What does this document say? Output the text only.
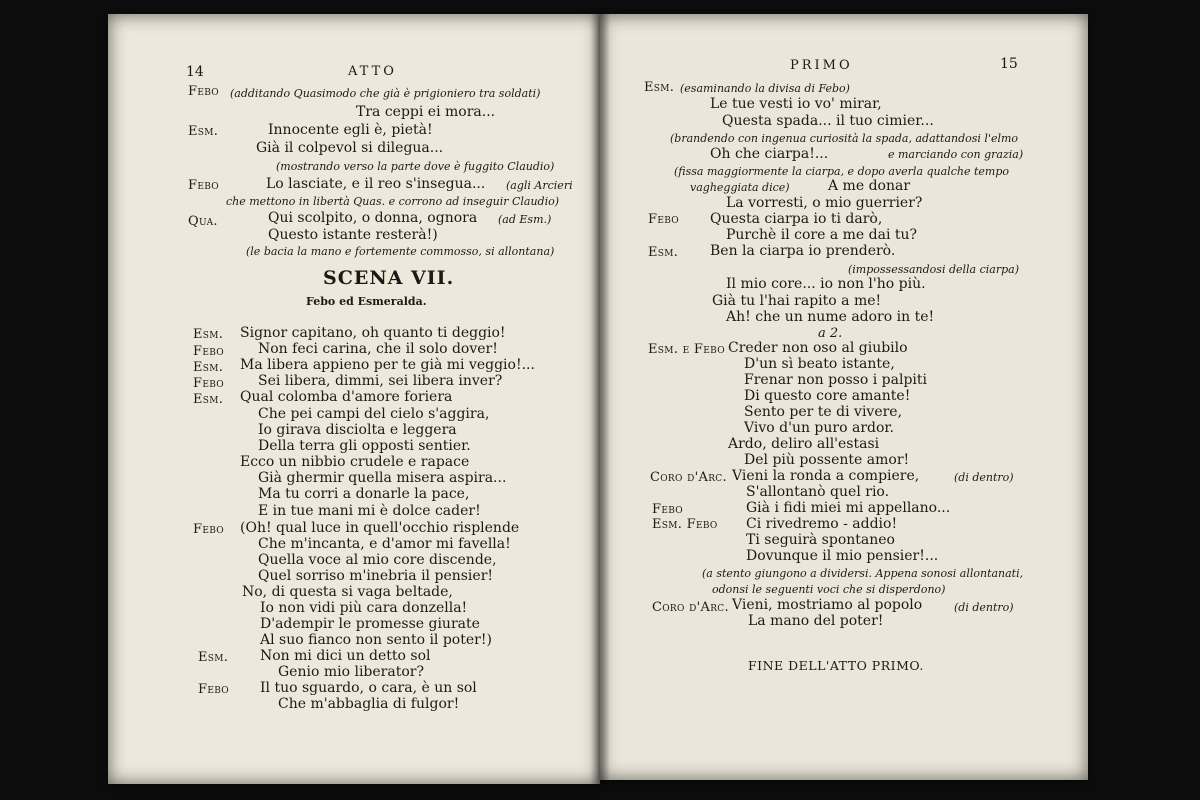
14	ATTO
Febo (additando Quasimodo che già è prigioniero tra soldati)
Tra ceppi ei mora...
Esm.	Innocente egli è, pietà!
Già il colpevol si dilegua...
(mostrando verso la parte dove è fuggito Claudio)
Febo	Lo lasciate, e il reo s'insegua... (agli Arcieri
che mettono in libertà Quas. e corrono ad inseguir Claudio)
Qua.	Qui scolpito, o donna, ognora (ad Esm.)
Questo istante resterà!)
(le bacia la mano e fortemente commosso, si allontana)
SCENA VII.
Febo ed Esmeralda.
Esm. Signor capitano, oh quanto ti deggio!
Febo Non feci carina, che il solo dover!
Esm. Ma libera appieno per te già mi veggio!...
Febo Sei libera, dimmi, sei libera inver?
Esm. Qual colomba d'amore foriera
Che pei campi del cielo s'aggira,
Io girava disciolta e leggera
Della terra gli opposti sentier.
Ecco un nibbio crudele e rapace
Già ghermir quella misera aspira...
Ma tu corri a donarle la pace,
E in tue mani mi è dolce cader!
Febo (Oh! qual luce in quell'occhio risplende
Che m'incanta, e d'amor mi favella!
Quella voce al mio core discende,
Quel sorriso m'inebria il pensier!
No, di questa si vaga beltade,
Io non vidi più cara donzella!
D'adempir le promesse giurate
Al suo fianco non sento il poter!)
Esm. Non mi dici un detto sol
Genio mio liberator?
Febo Il tuo sguardo, o cara, è un sol
Che m'abbaglia di fulgor!
PRIMO	15
Esm. (esaminando la divisa di Febo)
Le tue vesti io vo' mirar,
Questa spada... il tuo cimier...
(brandendo con ingenua curiosità la spada, adattandosi l'elmo
Oh che ciarpa!...	e marciando con grazia)
(fissa maggiormente la ciarpa, e dopo averla qualche tempo
vagheggiata dice)	A me donar
La vorresti, o mio guerrier?
Febo Questa ciarpa io ti darò,
Purchè il core a me dai tu?
Esm. Ben la ciarpa io prenderò.
(impossessandosi della ciarpa)
Il mio core... io non l'ho più.
Già tu l'hai rapito a me!
Ah! che un nume adoro in te!
a 2.
Esm. e Febo Creder non oso al giubilo
D'un sì beato istante,
Frenar non posso i palpiti
Di questo core amante!
Sento per te di vivere,
Vivo d'un puro ardor.
Ardo, deliro all'estasi
Del più possente amor!
Coro d'Arc. Vieni la ronda a compiere,	(di dentro)
S'allontanò quel rio.
Febo	Già i fidi miei mi appellano...
Esm. Febo Ci rivedremo - addio!
Ti seguirà spontaneo
Dovunque il mio pensier!...
(a stento giungono a dividersi. Appena sonosi allontanati,
odonsi le seguenti voci che si disperdono)
Coro d'Arc. Vieni, mostriamo al popolo	(di dentro)
La mano del poter!
FINE DELL'ATTO PRIMO.
